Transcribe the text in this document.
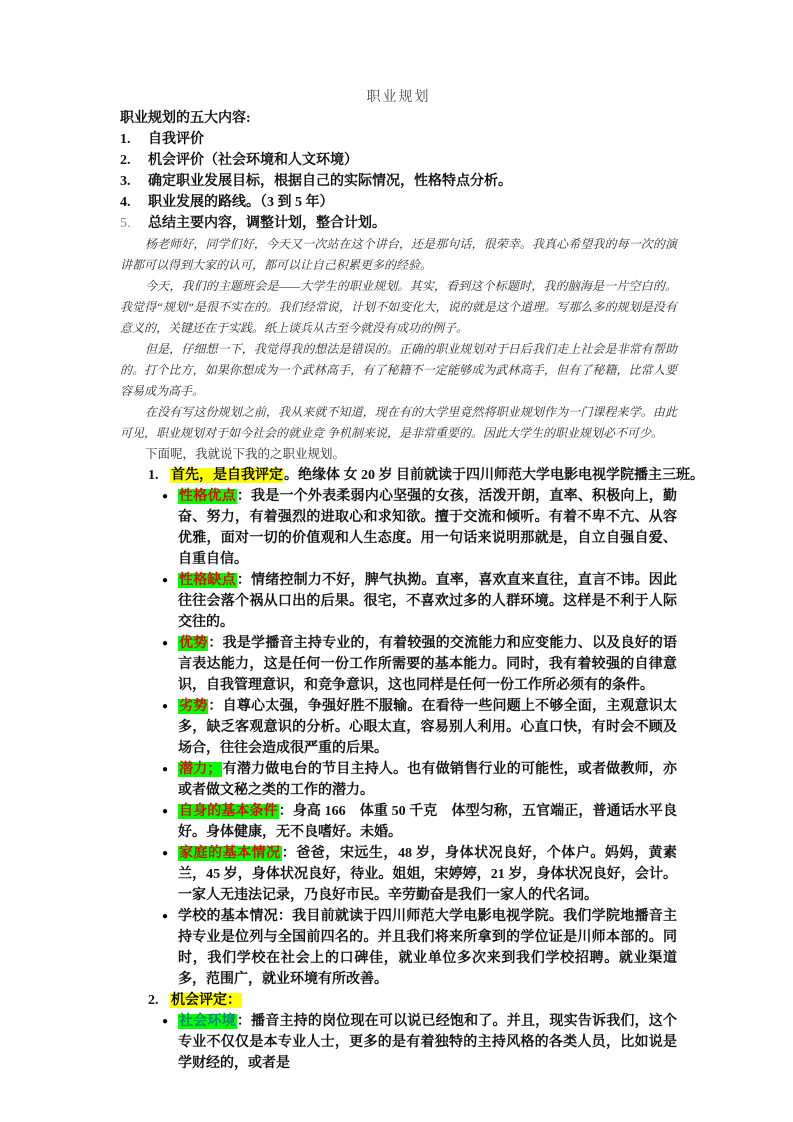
职业规划
职业规划的五大内容:
1.	自我评价
2.	机会评价（社会环境和人文环境）
3.	确定职业发展目标，根据自己的实际情况，性格特点分析。
4.	职业发展的路线。（3 到 5 年）
5.	总结主要内容，调整计划，整合计划。

杨老师好，同学们好，今天又一次站在这个讲台，还是那句话，很荣幸。我真心希望我的每一次的演讲都可以得到大家的认可，都可以让自己积累更多的经验。

今天，我们的主题班会是——大学生的职业规划。其实，看到这个标题时，我的脑海是一片空白的。我觉得“规划”是很不实在的。我们经常说，计划不如变化大，说的就是这个道理。写那么多的规划是没有意义的，关键还在于实践。纸上谈兵从古至今就没有成功的例子。

但是，仔细想一下，我觉得我的想法是错误的。正确的职业规划对于日后我们走上社会是非常有帮助的。打个比方，如果你想成为一个武林高手，有了秘籍不一定能够成为武林高手，但有了秘籍，比常人要容易成为高手。

在没有写这份规划之前，我从来就不知道，现在有的大学里竟然将职业规划作为一门课程来学。由此可见，职业规划对于如今社会的就业竞 争机制来说，是非常重要的。因此大学生的职业规划必不可少。

下面呢，我就说下我的之职业规划。

1. 首先，是自我评定。绝缘体 女 20 岁 目前就读于四川师范大学电影电视学院播主三班。

● 性格优点：我是一个外表柔弱内心坚强的女孩，活泼开朗，直率、积极向上，勤奋、努力，有着强烈的进取心和求知欲。擅于交流和倾听。有着不卑不亢、从容优雅，面对一切的价值观和人生态度。用一句话来说明那就是，自立自强自爱、自重自信。

● 性格缺点：情绪控制力不好，脾气执拗。直率，喜欢直来直往，直言不讳。因此往往会落个祸从口出的后果。很宅，不喜欢过多的人群环境。这样是不利于人际交往的。

● 优势：我是学播音主持专业的，有着较强的交流能力和应变能力、以及良好的语言表达能力，这是任何一份工作所需要的基本能力。同时，我有着较强的自律意识，自我管理意识，和竞争意识，这也同样是任何一份工作所必须有的条件。

● 劣势：自尊心太强，争强好胜不服输。在看待一些问题上不够全面，主观意识太多，缺乏客观意识的分析。心眼太直，容易别人利用。心直口快，有时会不顾及场合，往往会造成很严重的后果。

● 潜力；有潜力做电台的节目主持人。也有做销售行业的可能性，或者做教师，亦或者做文秘之类的工作的潜力。

● 自身的基本条件：身高 166　体重 50 千克　体型匀称，五官端正，普通话水平良好。身体健康，无不良嗜好。未婚。

● 家庭的基本情况：爸爸，宋远生，48 岁，身体状况良好，个体户。妈妈，黄素兰，45 岁，身体状况良好，待业。姐姐，宋婷婷，21 岁，身体状况良好，会计。一家人无违法记录，乃良好市民。辛劳勤奋是我们一家人的代名词。

● 学校的基本情况：我目前就读于四川师范大学电影电视学院。我们学院地播音主持专业是位列与全国前四名的。并且我们将来所拿到的学位证是川师本部的。同时，我们学校在社会上的口碑佳，就业单位多次来到我们学校招聘。就业渠道多，范围广，就业环境有所改善。

2. 机会评定：

● 社会环境：播音主持的岗位现在可以说已经饱和了。并且，现实告诉我们，这个专业不仅仅是本专业人士，更多的是有着独特的主持风格的各类人员，比如说是学财经的，或者是
